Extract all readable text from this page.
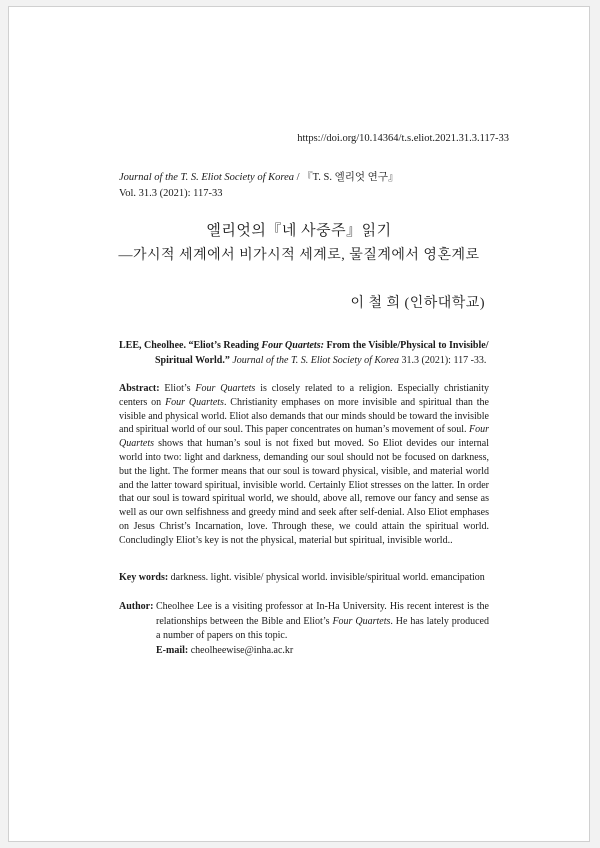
https://doi.org/10.14364/t.s.eliot.2021.31.3.117-33
Journal of the T. S. Eliot Society of Korea / 『T. S. 엘리엇 연구』
Vol. 31.3 (2021): 117-33
엘리엇의『네 사중주』읽기
—가시적 세계에서 비가시적 세계로, 물질계에서 영혼계로
이 철 희 (인하대학교)
LEE, Cheolhee. “Eliot’s Reading Four Quartets: From the Visible/Physical to Invisible/
Spiritual World.” Journal of the T. S. Eliot Society of Korea 31.3 (2021): 117 -33.
Abstract: Eliot’s Four Quartets is closely related to a religion. Especially christianity centers on Four Quartets. Christianity emphases on more invisible and spiritual than the visible and physical world. Eliot also demands that our minds should be toward the invisible and spiritual world of our soul. This paper concentrates on human’s movement of soul. Four Quartets shows that human’s soul is not fixed but moved. So Eliot devides our internal world into two: light and darkness, demanding our soul should not be focused on darkness, but the light. The former means that our soul is toward physical, visible, and material world and the latter toward spiritual, invisible world. Certainly Eliot stresses on the latter. In order that our soul is toward spiritual world, we should, above all, remove our fancy and sense as well as our own selfishness and greedy mind and seek after self-denial. Also Eliot emphases on Jesus Christ’s Incarnation, love. Through these, we could attain the spiritual world. Concludingly Eliot’s key is not the physical, material but spiritual, invisible world..
Key words: darkness. light. visible/ physical world. invisible/spiritual world. emancipation
Author: Cheolhee Lee is a visiting professor at In-Ha University. His recent interest is the relationships between the Bible and Eliot’s Four Quartets. He has lately produced a number of papers on this topic.
E-mail: cheolheewise@inha.ac.kr
